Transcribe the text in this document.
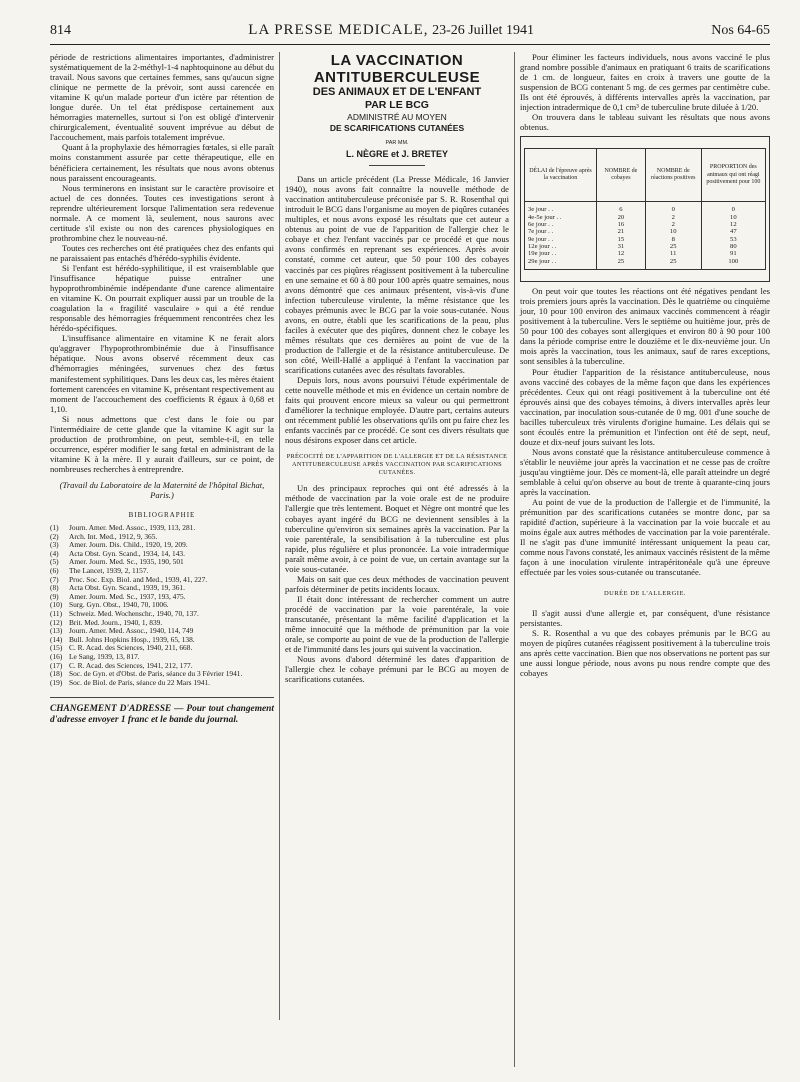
814	LA PRESSE MEDICALE, 23-26 Juillet 1941	Nos 64-65

période de restrictions alimentaires importantes, d'administrer systématiquement de la 2-méthyl-1-4 naphtoquinone au début du travail. Nous savons que certaines femmes, sans qu'aucun signe clinique ne permette de la prévoir, sont aussi carencée en vitamine K qu'un malade porteur d'un ictère par rétention de longue durée. Un tel état prédispose certainement aux hémorragies maternelles, surtout si l'on est obligé d'intervenir chirurgicalement, éventualité souvent imprévue au début de l'accouchement, mais parfois totalement imprévue.

Quant à la prophylaxie des hémorragies fœtales, si elle paraît moins constamment assurée par cette thérapeutique, elle en bénéficiera certainement, les résultats que nous avons obtenus nous paraissent encourageants.

Nous terminerons en insistant sur le caractère provisoire et actuel de ces données. Toutes ces investigations seront à reprendre ultérieurement lorsque l'alimentation sera redevenue normale. A ce moment là, seulement, nous saurons avec certitude s'il existe ou non des carences physiologiques en prothrombine chez le nouveau-né.

Toutes ces recherches ont été pratiquées chez des enfants qui ne paraissaient pas entachés d'hérédo-syphilis évidente.

Si l'enfant est hérédo-syphilitique, il est vraisemblable que l'insuffisance hépatique puisse entraîner une hypoprothrombinémie indépendante d'une carence alimentaire en vitamine K. On pourrait expliquer aussi par un trouble de la coagulation la « fragilité vasculaire » qui a été rendue responsable des hémorragies fréquemment rencontrées chez les hérédo-spécifiques.

L'insuffisance alimentaire en vitamine K ne ferait alors qu'aggraver l'hypoprothrombinémie due à l'insuffisance hépatique. Nous avons observé récemment deux cas d'hémorragies méningées, survenues chez des fœtus manifestement syphilitiques. Dans les deux cas, les mères étaient fortement carencées en vitamine K, présentant respectivement au moment de l'accouchement des coefficients R égaux à 0,68 et 1,10.

Si nous admettons que c'est dans le foie ou par l'intermédiaire de cette glande que la vitamine K agit sur la production de prothrombine, on peut, semble-t-il, en telle occurrence, espérer modifier le sang fœtal en administrant de la vitamine K à la mère. Il y aurait d'ailleurs, sur ce point, de nombreuses recherches à entreprendre.

(Travail du Laboratoire de la Maternité de l'hôpital Bichat, Paris.)
BIBLIOGRAPHIE
(1)	Journ. Amer. Med. Assoc., 1939, 113, 281.
(2)	Arch. Int. Med., 1912, 9, 365.
(3)	Amer. Journ. Dis. Child., 1920, 19, 209.
(4)	Acta Obst. Gyn. Scand., 1934, 14, 143.
(5)	Amer. Journ. Med. Sc., 1935, 190, 501
(6)	The Lancet, 1939, 2, 1157.
(7)	Proc. Soc. Exp. Biol. and Med., 1939, 41, 227.
(8)	Acta Obst. Gyn. Scand., 1939, 19, 361.
(9)	Amer. Journ. Med. Sc., 1937, 193, 475.
(10) Surg. Gyn. Obst., 1940, 70, 1006.
(11) Schweiz. Med. Wochenschr., 1940, 70, 137.
(12) Brit. Med. Journ., 1940, 1, 839.
(13) Journ. Amer. Med. Assoc., 1940, 114, 749
(14) Bull. Johns Hopkins Hosp., 1939, 65, 138.
(15) C. R. Acad. des Sciences, 1940, 211, 668.
(16) Le Sang, 1939, 13, 817.
(17) C. R. Acad. des Sciences, 1941, 212, 177.
(18) Soc. de Gyn. et d'Obst. de Paris, séance du 3 Février 1941.
(19) Soc. de Biol. de Paris, séance du 22 Mars 1941.
CHANGEMENT D'ADRESSE — Pour tout changement d'adresse envoyer 1 franc et le bande du journal.
LA VACCINATION
ANTITUBERCULEUSE
DES ANIMAUX ET DE L'ENFANT
PAR LE BCG
ADMINISTRÉ AU MOYEN
DE SCARIFICATIONS CUTANÉES
PAR MM.
L. NÈGRE et J. BRETEY

Dans un article précédent (La Presse Médicale, 16 Janvier 1940), nous avons fait connaître la nouvelle méthode de vaccination antituberculeuse préconisée par S. R. Rosenthal qui introduit le BCG dans l'organisme au moyen de piqûres cutanées multiples, et nous avons exposé les résultats que cet auteur a obtenus au point de vue de l'apparition de l'allergie chez le cobaye et chez l'enfant vaccinés par ce procédé et que nous avons confirmés en reprenant ses expériences. Après avoir constaté, comme cet auteur, que 50 pour 100 des cobayes vaccinés par ces piqûres réagissent positivement à la tuberculine en une semaine et 60 à 80 pour 100 après quatre semaines, nous avons démontré que ces animaux présentent, vis-à-vis d'une infection tuberculeuse virulente, la même résistance que les cobayes prémunis avec le BCG par la voie sous-cutanée. Nous avons, en outre, établi que les scarifications de la peau, plus faciles à exécuter que des piqûres, donnent chez le cobaye les mêmes résultats que ces dernières au point de vue de la production de l'allergie et de la résistance antituberculeuse. De son côté, Weill-Hallé a appliqué à l'enfant la vaccination par scarifications cutanées avec des résultats favorables.

Depuis lors, nous avons poursuivi l'étude expérimentale de cette nouvelle méthode et mis en évidence un certain nombre de faits qui prouvent encore mieux sa valeur ou qui permettront d'améliorer la technique employée. D'autre part, certains auteurs ont récemment publié les observations qu'ils ont pu faire chez les enfants vaccinés par ce procédé. Ce sont ces divers résultats que nous désirons exposer dans cet article.

PRÉCOCITÉ DE L'APPARITION DE L'ALLERGIE ET DE LA RÉSISTANCE ANTITUBERCULEUSE APRÈS VACCINATION PAR SCARIFICATIONS CUTANÉES.

Un des principaux reproches qui ont été adressés à la méthode de vaccination par la voie orale est de ne produire l'allergie que très lentement. Boquet et Nègre ont montré que les cobayes ayant ingéré du BCG ne deviennent sensibles à la tuberculine qu'environ six semaines après la vaccination. Par la voie parentérale, la sensibilisation à la tuberculine est plus rapide, plus régulière et plus prononcée. La voie intradermique paraît même avoir, à ce point de vue, un certain avantage sur la voie sous-cutanée.

Mais on sait que ces deux méthodes de vaccination peuvent parfois déterminer de petits incidents locaux.

Il était donc intéressant de rechercher comment un autre procédé de vaccination par la voie parentérale, la voie transcutanée, présentant la même facilité d'application et la même innocuité que la méthode de prémunition par la voie orale, se comporte au point de vue de la production de l'allergie et de l'immunité dans les jours qui suivent la vaccination.

Nous avons d'abord déterminé les dates d'apparition de l'allergie chez le cobaye prémuni par le BCG au moyen de scarifications cutanées.

Pour éliminer les facteurs individuels, nous avons vacciné le plus grand nombre possible d'animaux en pratiquant 6 traits de scarifications de 1 cm. de longueur, faites en croix à travers une goutte de la suspension de BCG contenant 5 mg. de ces germes par centimètre cube. Ils ont été éprouvés, à différents intervalles après la vaccination, par injection intradermique de 0,1 cm³ de tuberculine brute diluée à 1/20.

On trouvera dans le tableau suivant les résultats que nous avons obtenus.

DÉLAI de l'épreuve après la vaccination	NOMBRE de cobayes	NOMBRE de réactions positives	PROPORTION des animaux qui ont réagi positivement pour 100
3e jour . .	6	0	0
4e-5e jour . .	20	2	10
6e jour . .	16	2	12
7e jour . .	21	10	47
9e jour . .	15	8	53
12e jour . .	31	25	80
19e jour . .	12	11	91
29e jour . .	25	25	100

On peut voir que toutes les réactions ont été négatives pendant les trois premiers jours après la vaccination. Dès le quatrième ou cinquième jour, 10 pour 100 environ des animaux vaccinés commencent à réagir positivement à la tuberculine. Vers le septième ou huitième jour, près de 50 pour 100 des cobayes sont allergiques et environ 80 à 90 pour 100 dans la période comprise entre le douzième et le dix-neuvième jour. Un mois après la vaccination, tous les animaux, sauf de rares exceptions, sont sensibles à la tuberculine.

Pour étudier l'apparition de la résistance antituberculeuse, nous avons vacciné des cobayes de la même façon que dans les expériences précédentes. Ceux qui ont réagi positivement à la tuberculine ont été éprouvés ainsi que des cobayes témoins, à divers intervalles après leur vaccination, par inoculation sous-cutanée de 0 mg. 001 d'une souche de bacilles tuberculeux très virulents d'origine humaine. Les délais qui se sont écoulés entre la prémunition et l'infection ont été de sept, neuf, douze et dix-neuf jours suivant les lots.

Nous avons constaté que la résistance antituberculeuse commence à s'établir le neuvième jour après la vaccination et ne cesse pas de croître jusqu'au vingtième jour. Dès ce moment-là, elle paraît atteindre un degré semblable à celui qu'on observe au bout de trente à quarante-cinq jours après la vaccination.

Au point de vue de la production de l'allergie et de l'immunité, la prémunition par des scarifications cutanées se montre donc, par sa rapidité d'action, supérieure à la vaccination par la voie buccale et au moins égale aux autres méthodes de vaccination par la voie parentérale. Il ne s'agit pas d'une immunité intéressant uniquement la peau car, comme nous l'avons constaté, les animaux vaccinés résistent de la même façon à une inoculation virulente intrapéritonéale qu'à une épreuve effectuée par les voies sous-cutanée ou transcutanée.

DURÉE DE L'ALLERGIE.

Il s'agit aussi d'une allergie et, par conséquent, d'une résistance persistantes.

S. R. Rosenthal a vu que des cobayes prémunis par le BCG au moyen de piqûres cutanées réagissent positivement à la tuberculine trois ans après cette vaccination. Bien que nos observations ne portent pas sur une aussi longue période, nous avons pu nous rendre compte que des cobayes
